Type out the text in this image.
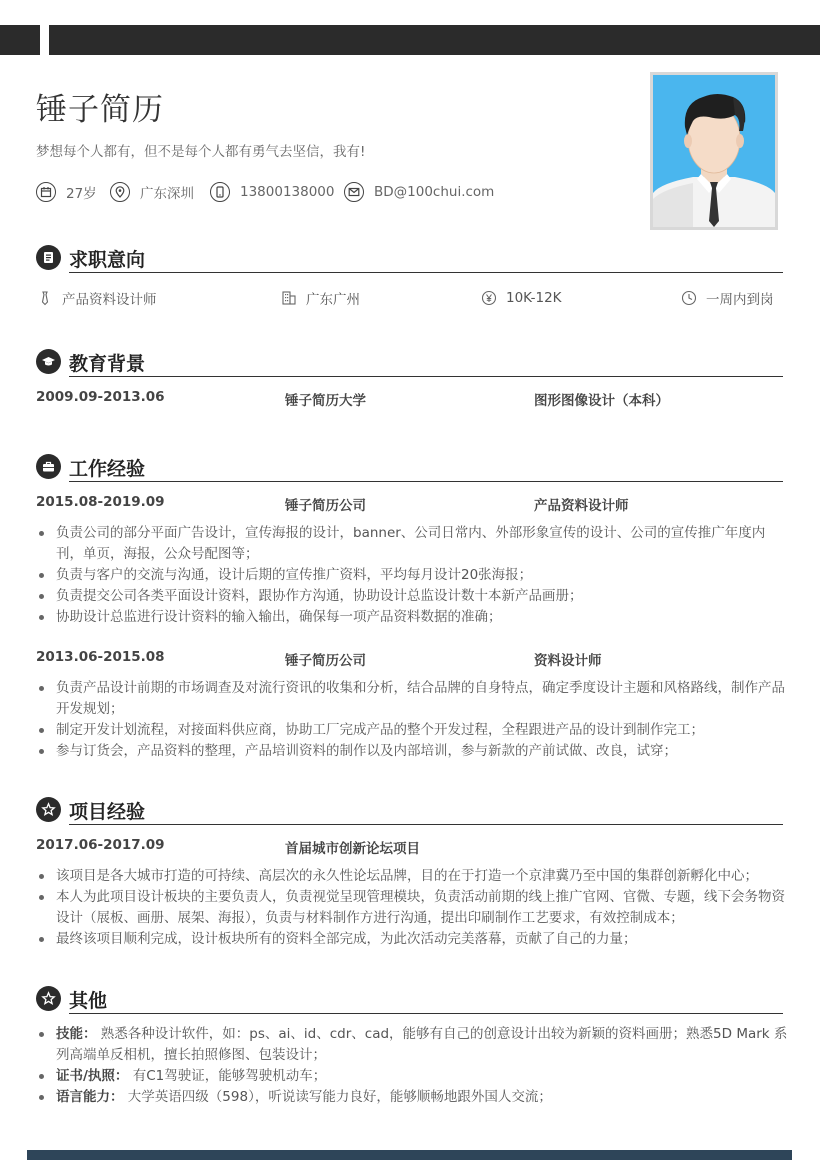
锤子简历
梦想每个人都有，但不是每个人都有勇气去坚信，我有!
27岁	广东深圳	13800138000	BD@100chui.com
求职意向
产品资料设计师	广东广州	10K-12K	一周内到岗
教育背景
2009.09-2013.06	锤子简历大学	图形图像设计（本科）
工作经验
2015.08-2019.09	锤子简历公司	产品资料设计师
负责公司的部分平面广告设计，宣传海报的设计，banner、公司日常内、外部形象宣传的设计、公司的宣传推广年度内刊，单页，海报，公众号配图等；
负责与客户的交流与沟通，设计后期的宣传推广资料，平均每月设计20张海报；
负责提交公司各类平面设计资料，跟协作方沟通，协助设计总监设计数十本新产品画册；
协助设计总监进行设计资料的输入输出，确保每一项产品资料数据的准确；
2013.06-2015.08	锤子简历公司	资料设计师
负责产品设计前期的市场调查及对流行资讯的收集和分析，结合品牌的自身特点，确定季度设计主题和风格路线，制作产品开发规划；
制定开发计划流程，对接面料供应商，协助工厂完成产品的整个开发过程，全程跟进产品的设计到制作完工；
参与订货会，产品资料的整理，产品培训资料的制作以及内部培训，参与新款的产前试做、改良，试穿；
项目经验
2017.06-2017.09	首届城市创新论坛项目
该项目是各大城市打造的可持续、高层次的永久性论坛品牌，目的在于打造一个京津冀乃至中国的集群创新孵化中心；
本人为此项目设计板块的主要负责人，负责视觉呈现管理模块，负责活动前期的线上推广官网、官微、专题，线下会务物资设计（展板、画册、展架、海报），负责与材料制作方进行沟通，提出印刷制作工艺要求，有效控制成本；
最终该项目顺利完成，设计板块所有的资料全部完成，为此次活动完美落幕，贡献了自己的力量；
其他
技能： 熟悉各种设计软件，如：ps、ai、id、cdr、cad，能够有自己的创意设计出较为新颖的资料画册；熟悉5D Mark 系列高端单反相机，擅长拍照修图、包装设计；
证书/执照： 有C1驾驶证，能够驾驶机动车；
语言能力： 大学英语四级（598），听说读写能力良好，能够顺畅地跟外国人交流；
